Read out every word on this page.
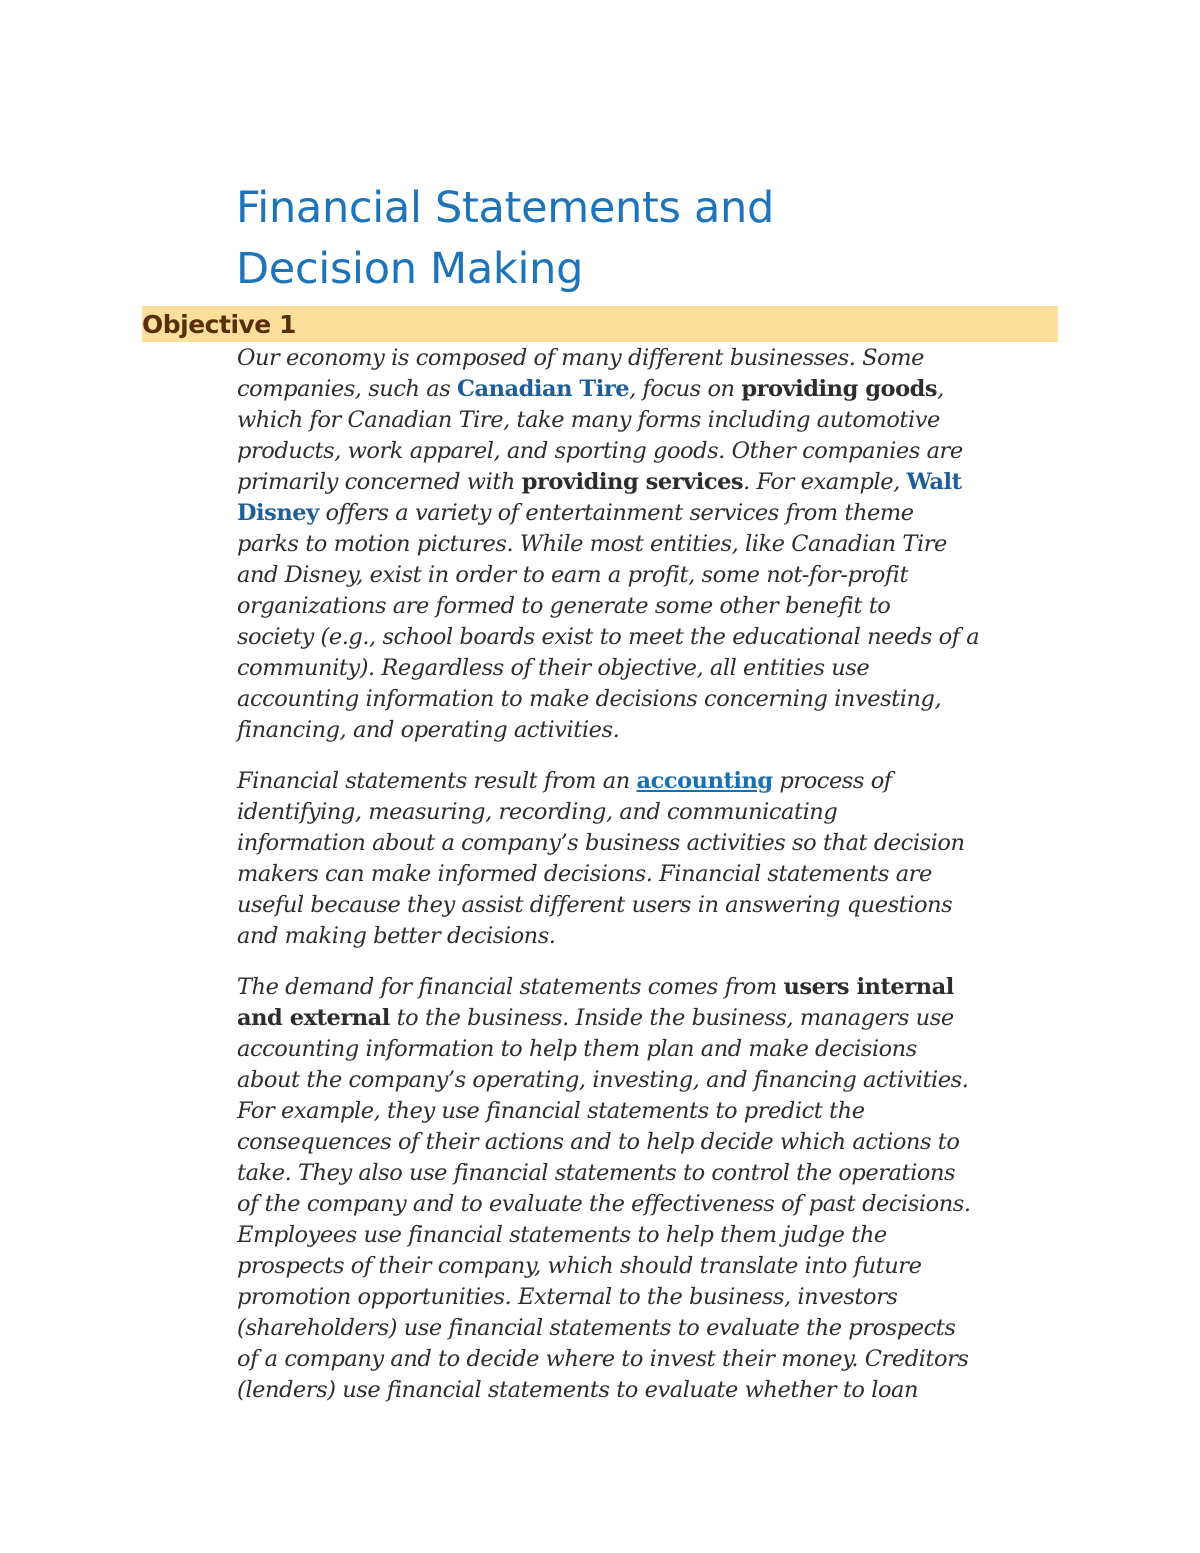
Financial Statements and
Decision Making
Objective 1

Our economy is composed of many different businesses. Some
companies, such as Canadian Tire, focus on providing goods,
which for Canadian Tire, take many forms including automotive
products, work apparel, and sporting goods. Other companies are
primarily concerned with providing services. For example, Walt
Disney offers a variety of entertainment services from theme
parks to motion pictures. While most entities, like Canadian Tire
and Disney, exist in order to earn a profit, some not-for-profit
organizations are formed to generate some other benefit to
society (e.g., school boards exist to meet the educational needs of a
community). Regardless of their objective, all entities use
accounting information to make decisions concerning investing,
financing, and operating activities.

Financial statements result from an accounting process of
identifying, measuring, recording, and communicating
information about a company’s business activities so that decision
makers can make informed decisions. Financial statements are
useful because they assist different users in answering questions
and making better decisions.

The demand for financial statements comes from users internal
and external to the business. Inside the business, managers use
accounting information to help them plan and make decisions
about the company’s operating, investing, and financing activities.
For example, they use financial statements to predict the
consequences of their actions and to help decide which actions to
take. They also use financial statements to control the operations
of the company and to evaluate the effectiveness of past decisions.
Employees use financial statements to help them judge the
prospects of their company, which should translate into future
promotion opportunities. External to the business, investors
(shareholders) use financial statements to evaluate the prospects
of a company and to decide where to invest their money. Creditors
(lenders) use financial statements to evaluate whether to loan
